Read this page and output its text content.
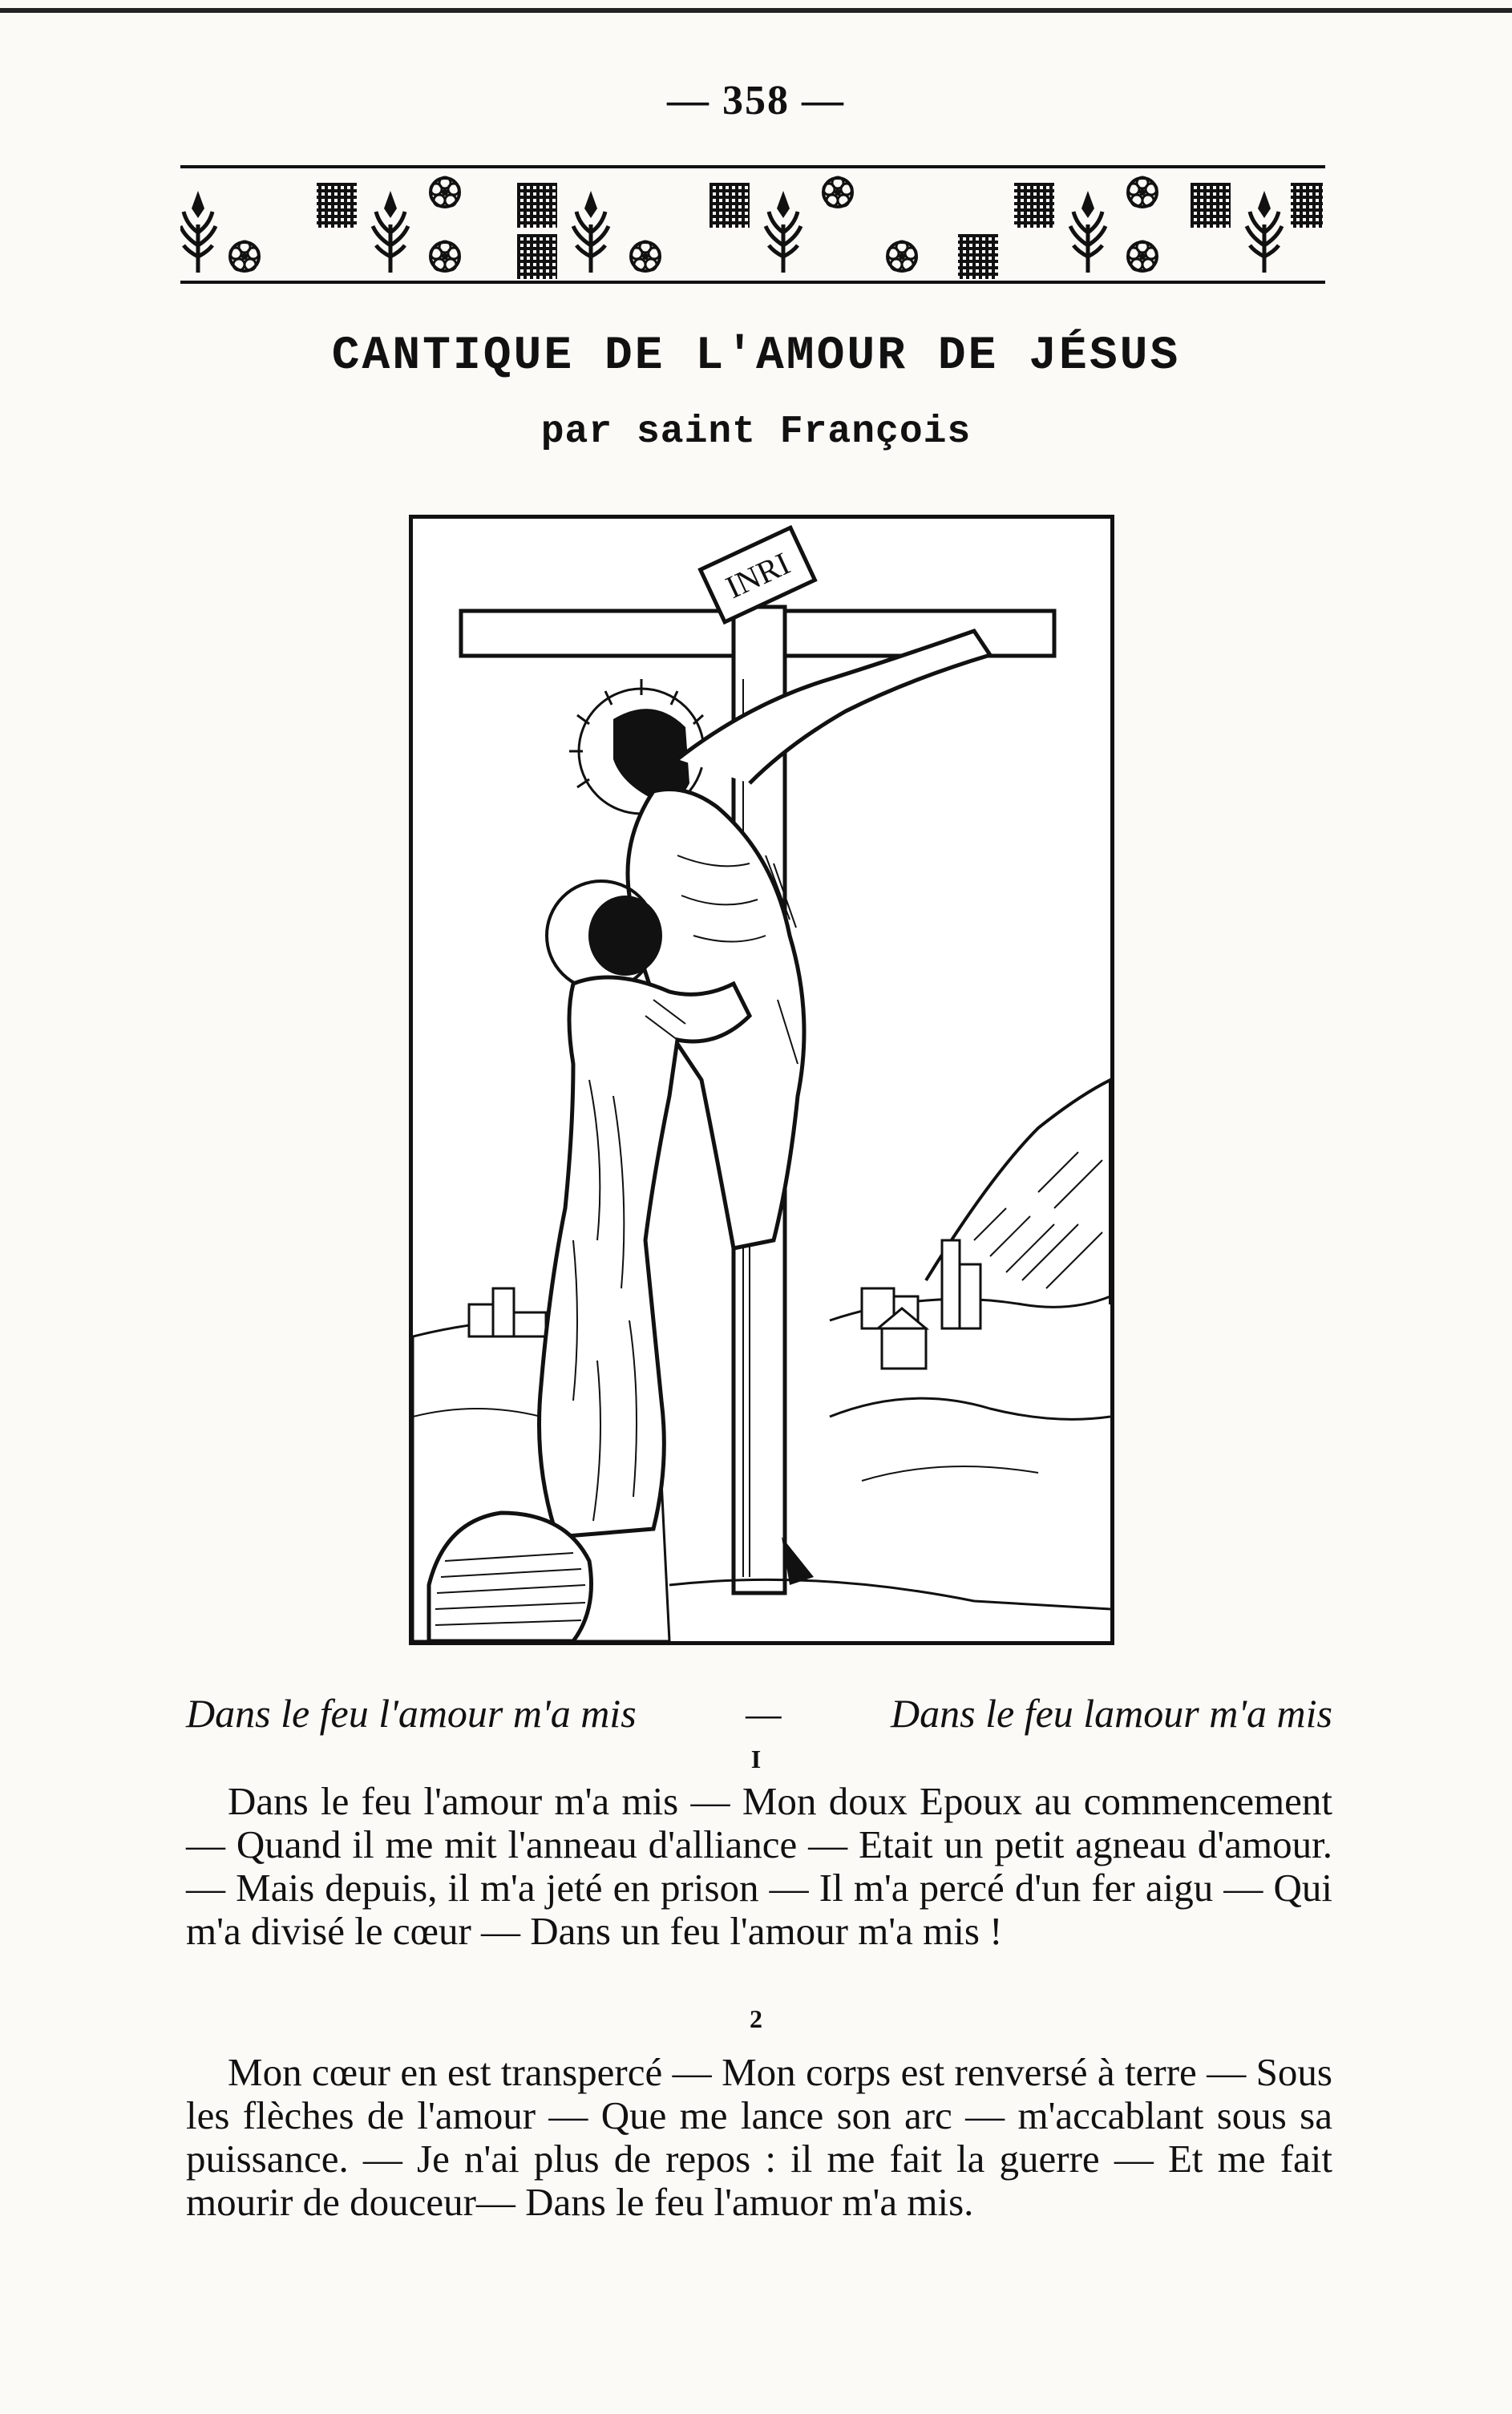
— 358 —
CANTIQUE DE L'AMOUR DE JÉSUS
par saint François
INRI
Dans le feu l'amour m'a mis	—	Dans le feu lamour m'a mis
I
Dans le feu l'amour m'a mis — Mon doux Epoux au commencement — Quand il me mit l'anneau d'alliance — Etait un petit agneau d'amour. — Mais depuis, il m'a jeté en prison — Il m'a percé d'un fer aigu — Qui m'a divisé le cœur — Dans un feu l'amour m'a mis !
2
Mon cœur en est transpercé — Mon corps est renversé à terre — Sous les flèches de l'amour — Que me lance son arc — m'accablant sous sa puissance. — Je n'ai plus de repos : il me fait la guerre — Et me fait mourir de douceur— Dans le feu l'amuor m'a mis.
